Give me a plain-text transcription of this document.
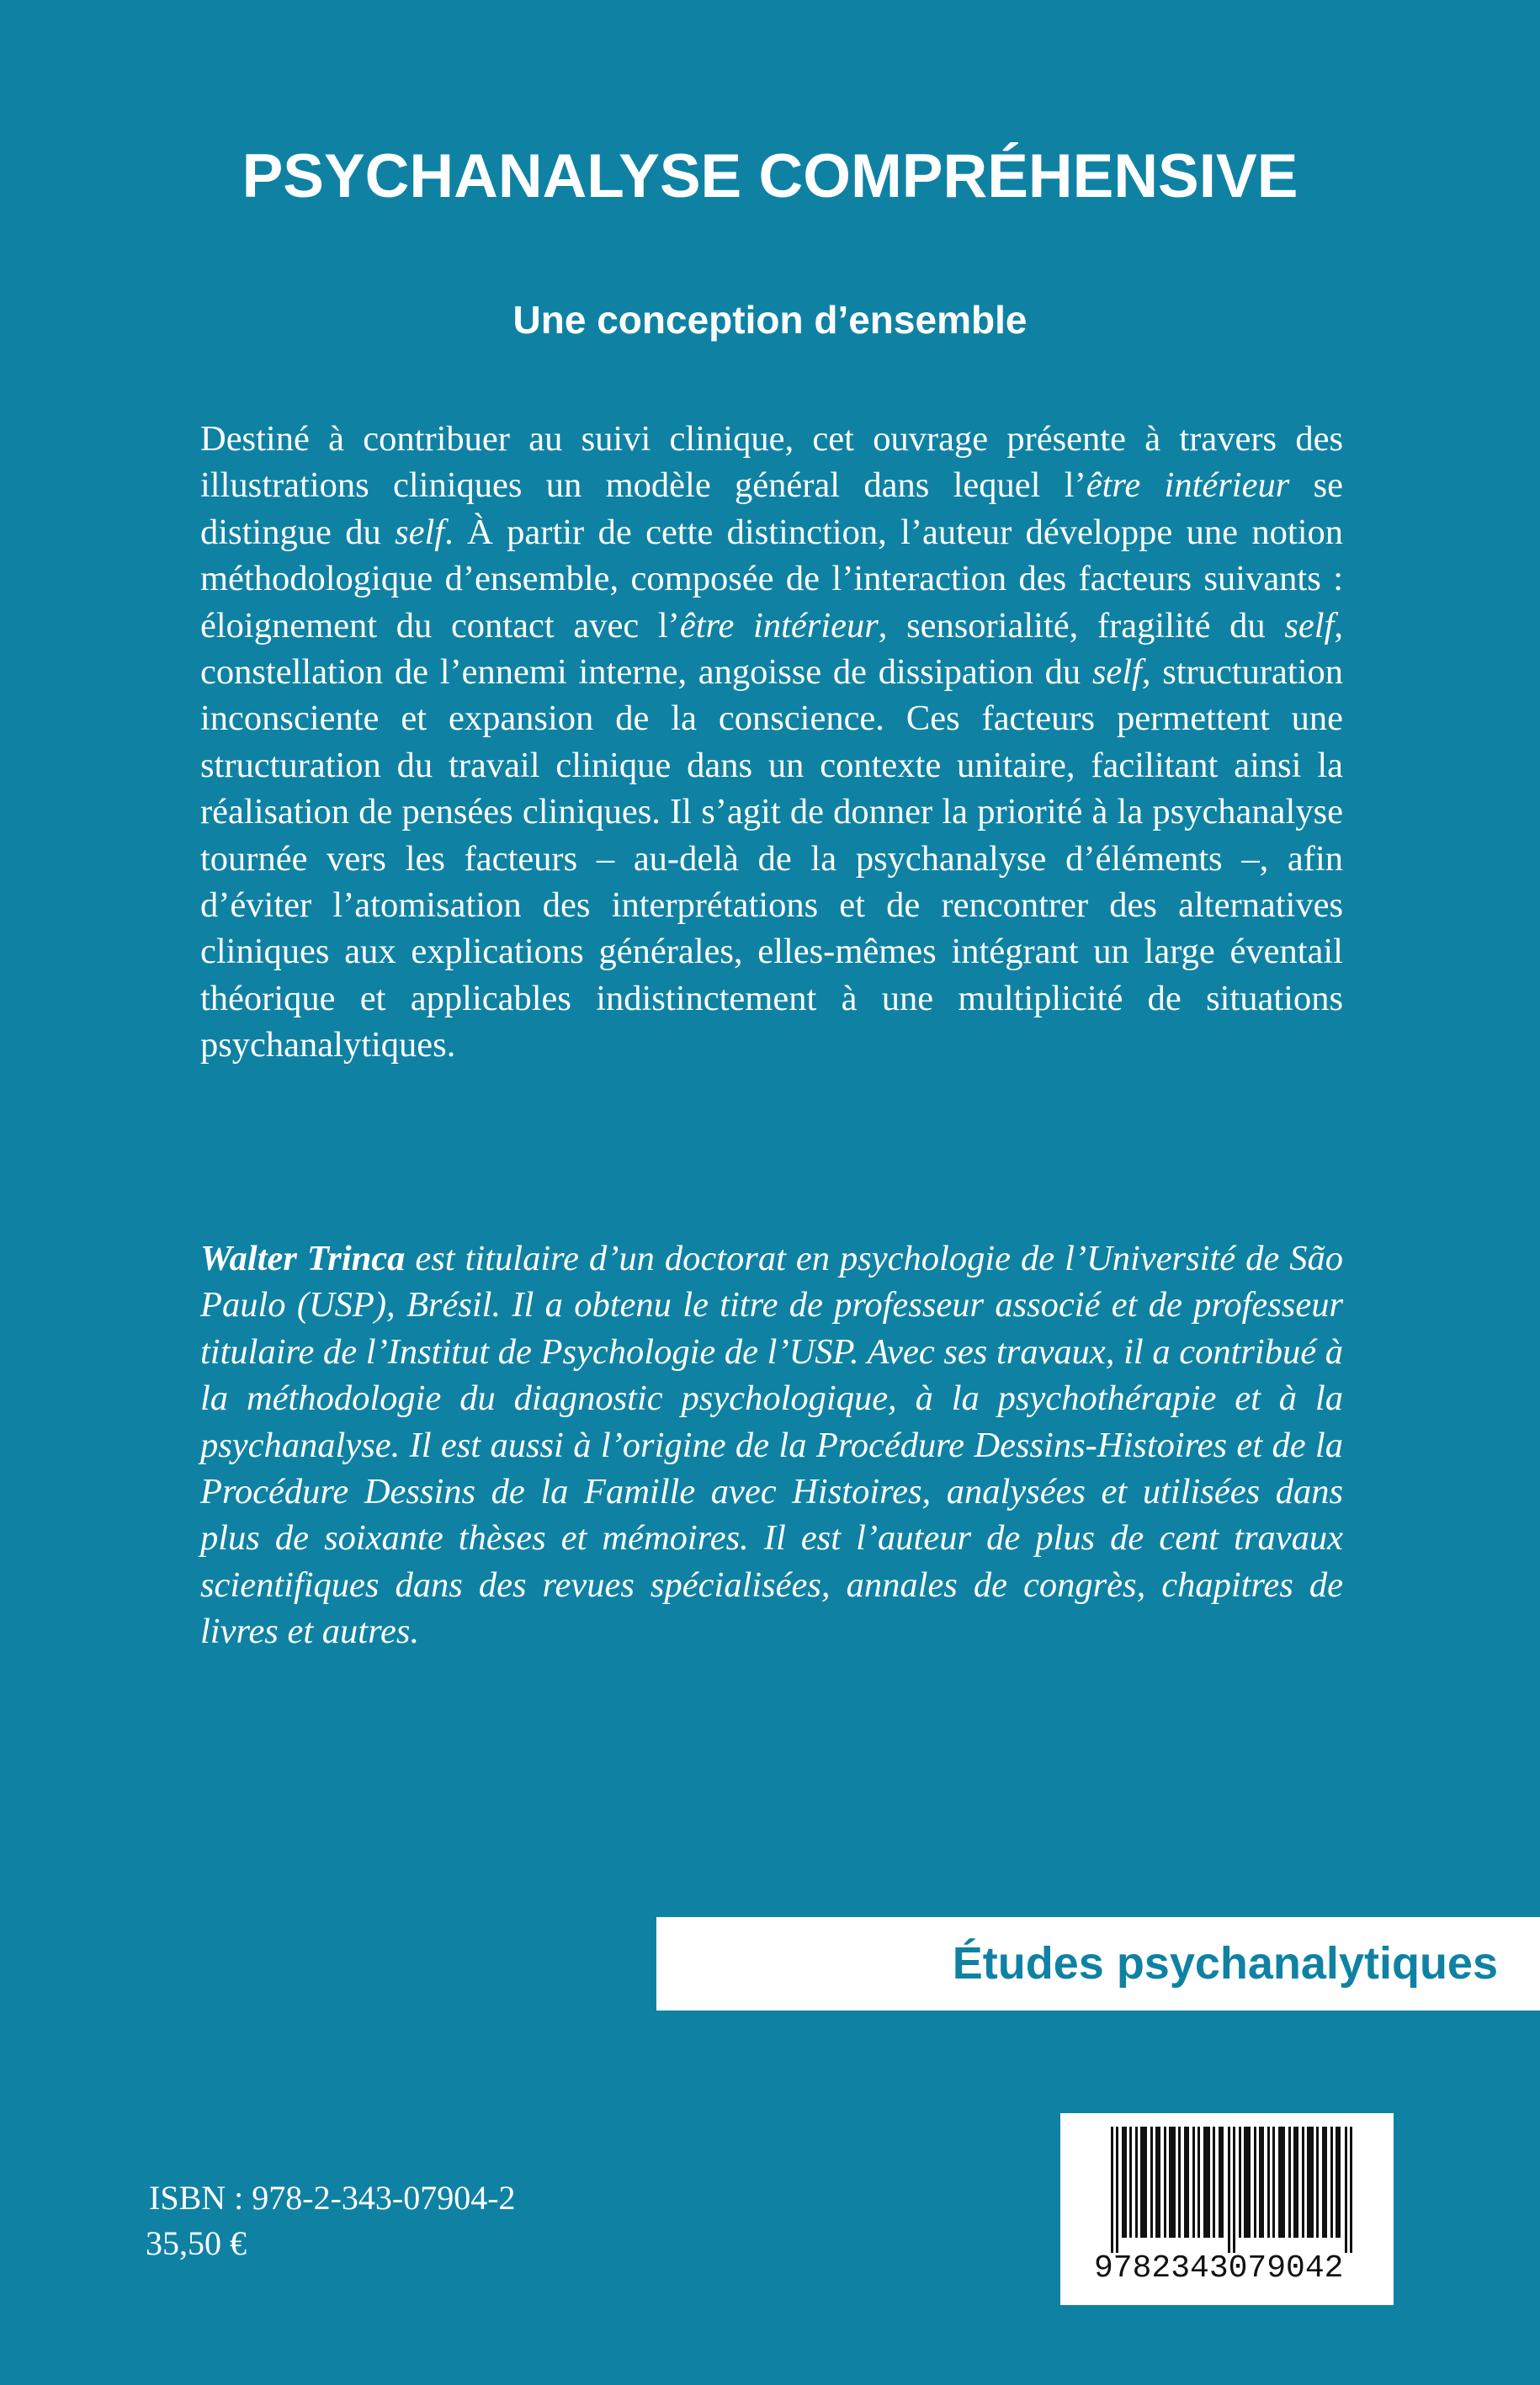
PSYCHANALYSE COMPRÉHENSIVE
Une conception d’ensemble

Destiné à contribuer au suivi clinique, cet ouvrage présente à travers des illustrations cliniques un modèle général dans lequel l’être intérieur se distingue du self. À partir de cette distinction, l’auteur développe une notion méthodologique d’ensemble, composée de l’interaction des facteurs suivants : éloignement du contact avec l’être intérieur, sensorialité, fragilité du self, constellation de l’ennemi interne, angoisse de dissipation du self, structuration inconsciente et expansion de la conscience. Ces facteurs permettent une structuration du travail clinique dans un contexte unitaire, facilitant ainsi la réalisation de pensées cliniques. Il s’agit de donner la priorité à la psychanalyse tournée vers les facteurs – au-delà de la psychanalyse d’éléments –, afin d’éviter l’atomisation des interprétations et de rencontrer des alternatives cliniques aux explications générales, elles-mêmes intégrant un large éventail théorique et applicables indistinctement à une multiplicité de situations psychanalytiques.

Walter Trinca est titulaire d’un doctorat en psychologie de l’Université de São Paulo (USP), Brésil. Il a obtenu le titre de professeur associé et de professeur titulaire de l’Institut de Psychologie de l’USP. Avec ses travaux, il a contribué à la méthodologie du diagnostic psychologique, à la psychothérapie et à la psychanalyse. Il est aussi à l’origine de la Procédure Dessins-Histoires et de la Procédure Dessins de la Famille avec Histoires, analysées et utilisées dans plus de soixante thèses et mémoires. Il est l’auteur de plus de cent travaux scientifiques dans des revues spécialisées, annales de congrès, chapitres de livres et autres.

Études psychanalytiques
9782343079042

ISBN : 978-2-343-07904-2

35,50 €
